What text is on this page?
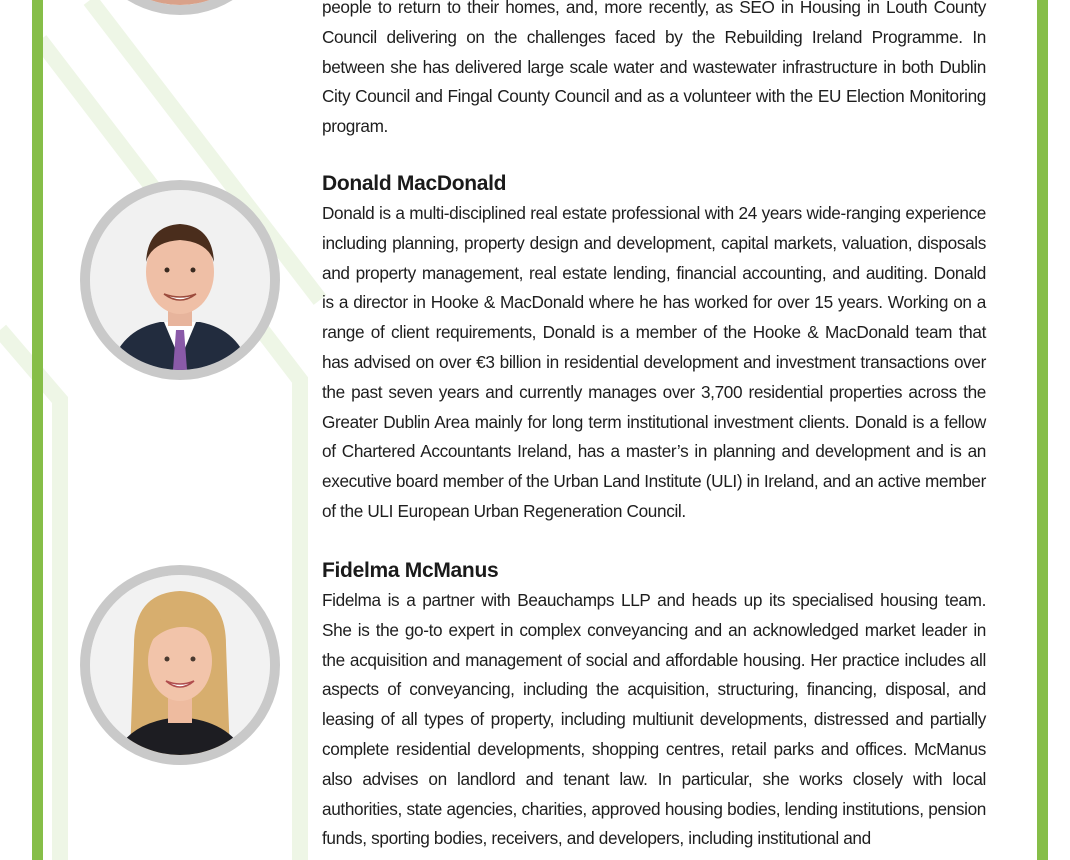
people to return to their homes, and, more recently, as SEO in Housing in Louth County Council delivering on the challenges faced by the Rebuilding Ireland Programme. In between she has delivered large scale water and wastewater infrastructure in both Dublin City Council and Fingal County Council and as a volunteer with the EU Election Monitoring program.

Donald MacDonald

Donald is a multi-disciplined real estate professional with 24 years wide-ranging experience including planning, property design and development, capital markets, valuation, disposals and property management, real estate lending, financial accounting, and auditing. Donald is a director in Hooke & MacDonald where he has worked for over 15 years. Working on a range of client requirements, Donald is a member of the Hooke & MacDonald team that has advised on over €3 billion in residential development and investment transactions over the past seven years and currently manages over 3,700 residential properties across the Greater Dublin Area mainly for long term institutional investment clients. Donald is a fellow of Chartered Accountants Ireland, has a master’s in planning and development and is an executive board member of the Urban Land Institute (ULI) in Ireland, and an active member of the ULI European Urban Regeneration Council.

Fidelma McManus

Fidelma is a partner with Beauchamps LLP and heads up its specialised housing team. She is the go-to expert in complex conveyancing and an acknowledged market leader in the acquisition and management of social and affordable housing. Her practice includes all aspects of conveyancing, including the acquisition, structuring, financing, disposal, and leasing of all types of property, including multiunit developments, distressed and partially complete residential developments, shopping centres, retail parks and offices. McManus also advises on landlord and tenant law. In particular, she works closely with local authorities, state agencies, charities, approved housing bodies, lending institutions, pension funds, sporting bodies, receivers, and developers, including institutional and
